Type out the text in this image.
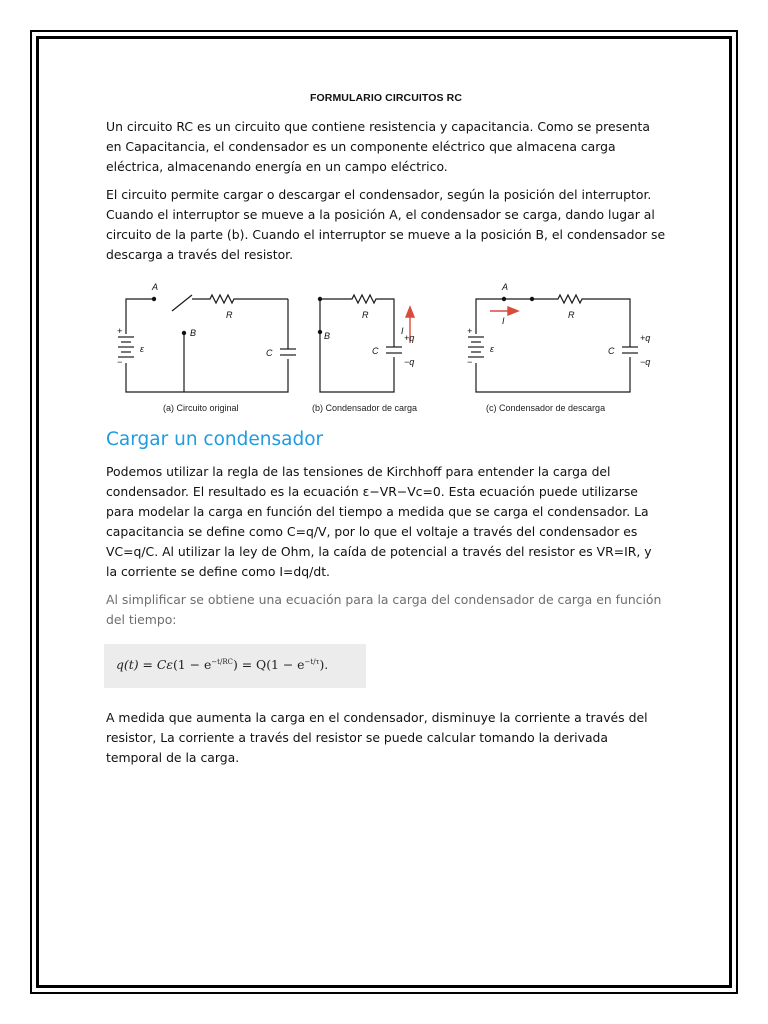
FORMULARIO CIRCUITOS RC

Un circuito RC es un circuito que contiene resistencia y capacitancia. Como se presenta en Capacitancia, el condensador es un componente eléctrico que almacena carga eléctrica, almacenando energía en un campo eléctrico.

El circuito permite cargar o descargar el condensador, según la posición del interruptor. Cuando el interruptor se mueve a la posición A, el condensador se carga, dando lugar al circuito de la parte (b). Cuando el interruptor se mueve a la posición B, el condensador se descarga a través del resistor.

A
B
R
C
ε
+
−
B
R
I
C
+q
−q
A
I
R
C
+q
−q
ε
+
−
(a) Circuito original	(b) Condensador de carga	(c) Condensador de descarga
Cargar un condensador

Podemos utilizar la regla de las tensiones de Kirchhoff para entender la carga del condensador. El resultado es la ecuación ε−VR−Vc=0. Esta ecuación puede utilizarse para modelar la carga en función del tiempo a medida que se carga el condensador. La capacitancia se define como C=q/V, por lo que el voltaje a través del condensador es VC=q/C. Al utilizar la ley de Ohm, la caída de potencial a través del resistor es VR=IR, y la corriente se define como I=dq/dt.

Al simplificar se obtiene una ecuación para la carga del condensador de carga en función del tiempo:

$q(t) = C\varepsilon(1 - e^{-t/RC}) = Q(1 - e^{-t/\tau})$.

A medida que aumenta la carga en el condensador, disminuye la corriente a través del resistor, La corriente a través del resistor se puede calcular tomando la derivada temporal de la carga.
